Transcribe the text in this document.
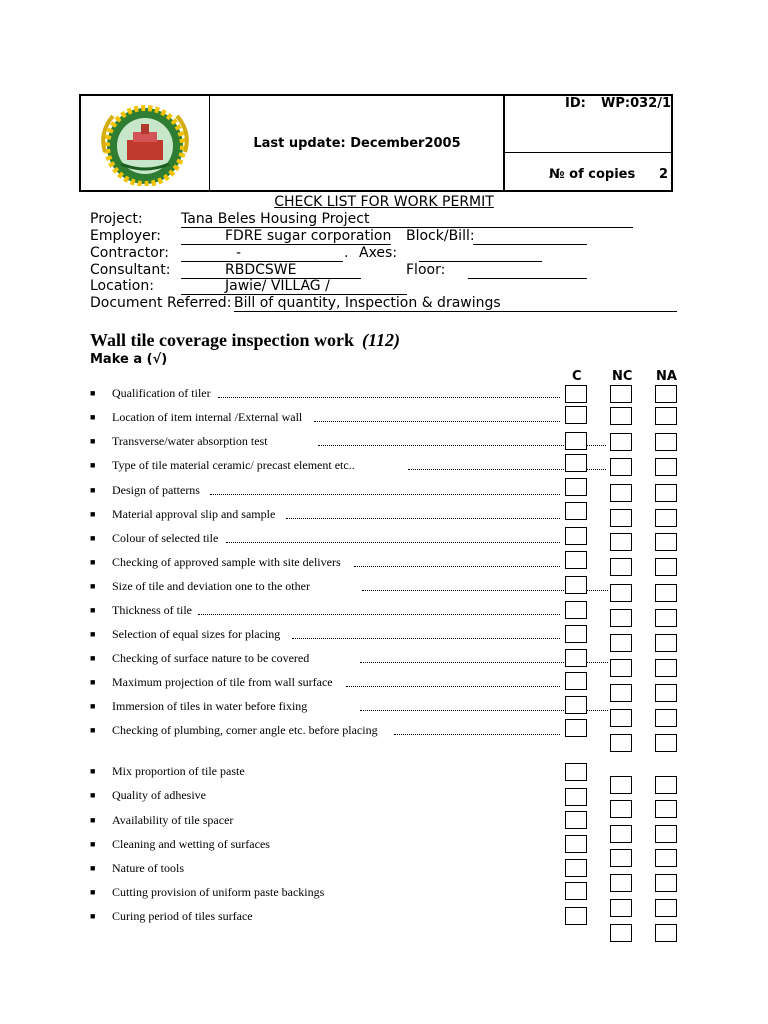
Last update: December2005
ID: WP:032/1
№ of copies 2
CHECK LIST FOR WORK PERMIT
Project:	Tana Beles Housing Project
Employer:	FDRE sugar corporation Block/Bill:
Contractor:	-	. Axes:
Consultant:	RBDCSWE	Floor:
Location:	Jawie/ VILLAG /
Document Referred: Bill of quantity, Inspection & drawings
Wall tile coverage inspection work (112)
Make a (√)
C NC NA
■ Qualification of tiler
■ Location of item internal /External wall
■ Transverse/water absorption test
■ Type of tile material ceramic/ precast element etc..
■ Design of patterns
■ Material approval slip and sample
■ Colour of selected tile
■ Checking of approved sample with site delivers
■ Size of tile and deviation one to the other
■ Thickness of tile
■ Selection of equal sizes for placing
■ Checking of surface nature to be covered
■ Maximum projection of tile from wall surface
■ Immersion of tiles in water before fixing
■ Checking of plumbing, corner angle etc. before placing
■ Mix proportion of tile paste
■ Quality of adhesive
■ Availability of tile spacer
■ Cleaning and wetting of surfaces
■ Nature of tools
■ Cutting provision of uniform paste backings
■ Curing period of tiles surface
